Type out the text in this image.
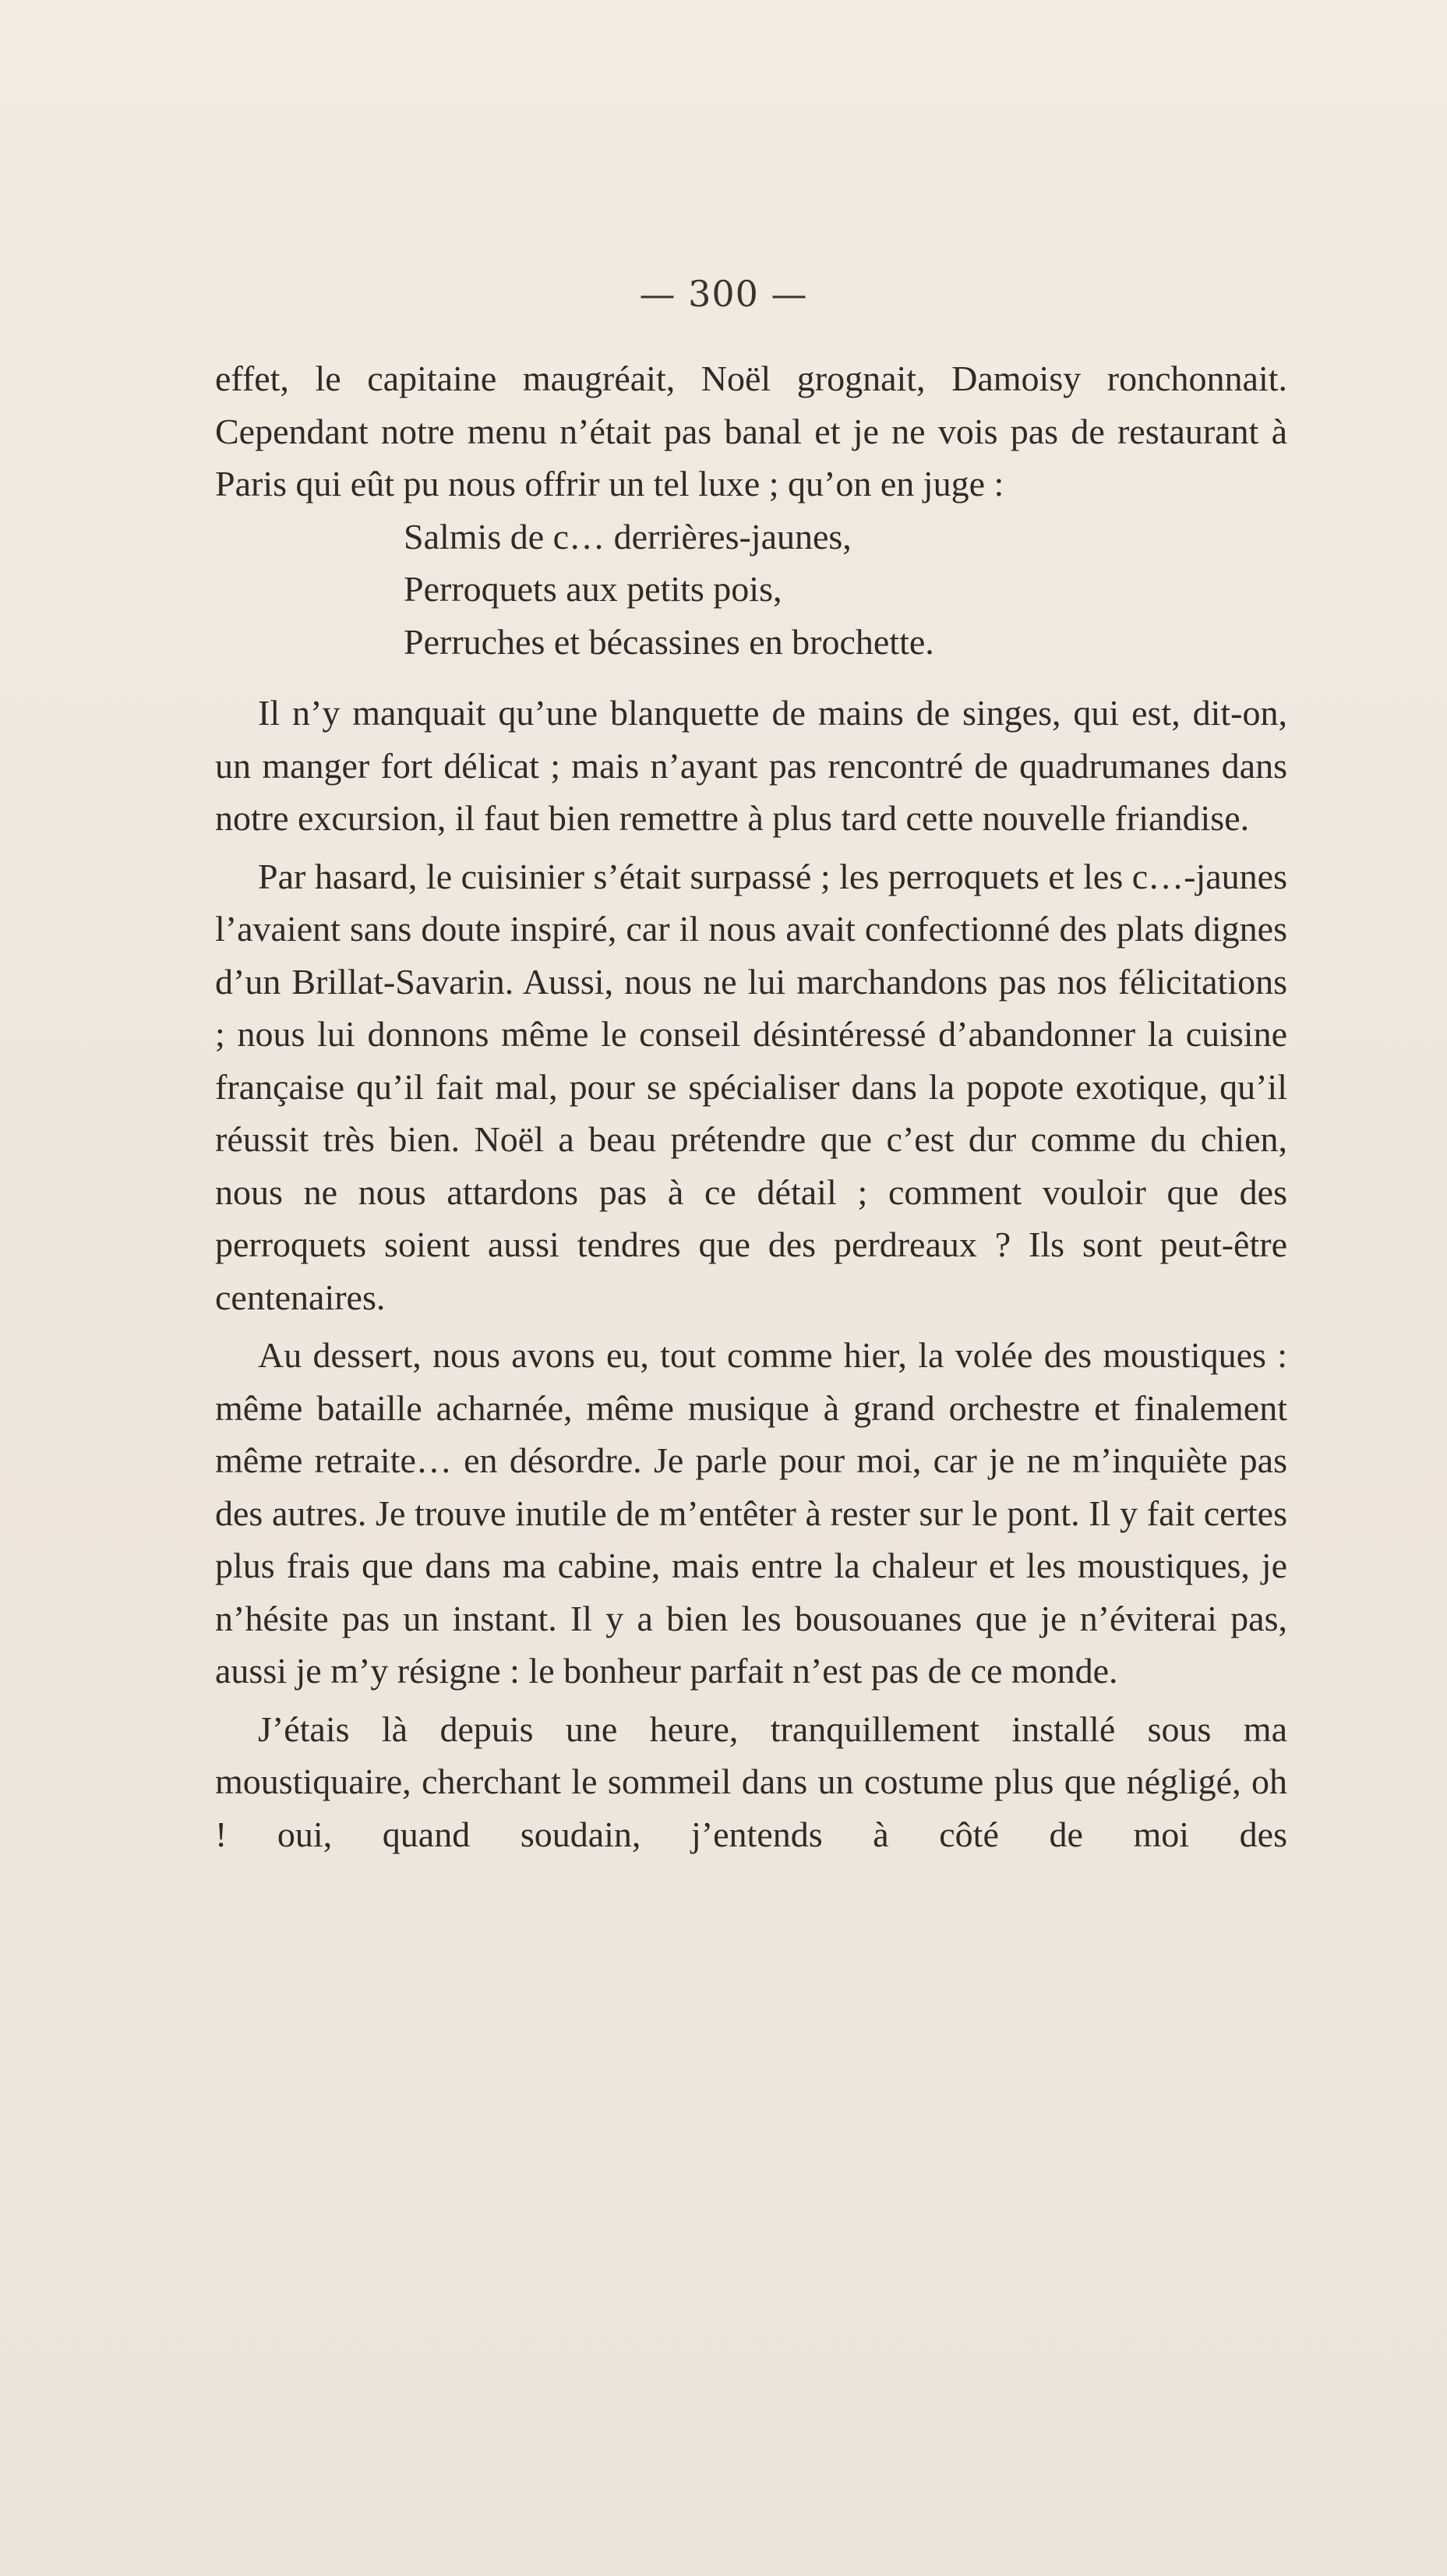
— 300 —

effet, le capitaine maugréait, Noël grognait, Damoisy ronchonnait. Cependant notre menu n’était pas banal et je ne vois pas de restaurant à Paris qui eût pu nous offrir un tel luxe ; qu’on en juge :

Salmis de c… derrières-jaunes,
Perroquets aux petits pois,
Perruches et bécassines en brochette.

Il n’y manquait qu’une blanquette de mains de singes, qui est, dit-on, un manger fort délicat ; mais n’ayant pas rencontré de quadrumanes dans notre excursion, il faut bien remettre à plus tard cette nouvelle friandise.

Par hasard, le cuisinier s’était surpassé ; les perroquets et les c…-jaunes l’avaient sans doute inspiré, car il nous avait confectionné des plats dignes d’un Brillat-Savarin. Aussi, nous ne lui marchandons pas nos félicitations ; nous lui donnons même le conseil désintéressé d’abandonner la cuisine française qu’il fait mal, pour se spécialiser dans la popote exotique, qu’il réussit très bien. Noël a beau prétendre que c’est dur comme du chien, nous ne nous attardons pas à ce détail ; comment vouloir que des perroquets soient aussi tendres que des perdreaux ? Ils sont peut-être centenaires.

Au dessert, nous avons eu, tout comme hier, la volée des moustiques : même bataille acharnée, même musique à grand orchestre et finalement même retraite… en désordre. Je parle pour moi, car je ne m’inquiète pas des autres. Je trouve inutile de m’entêter à rester sur le pont. Il y fait certes plus frais que dans ma cabine, mais entre la chaleur et les moustiques, je n’hésite pas un instant. Il y a bien les bousouanes que je n’éviterai pas, aussi je m’y résigne : le bonheur parfait n’est pas de ce monde.

J’étais là depuis une heure, tranquillement installé sous ma moustiquaire, cherchant le sommeil dans un costume plus que négligé, oh ! oui, quand soudain, j’entends à côté de moi des
